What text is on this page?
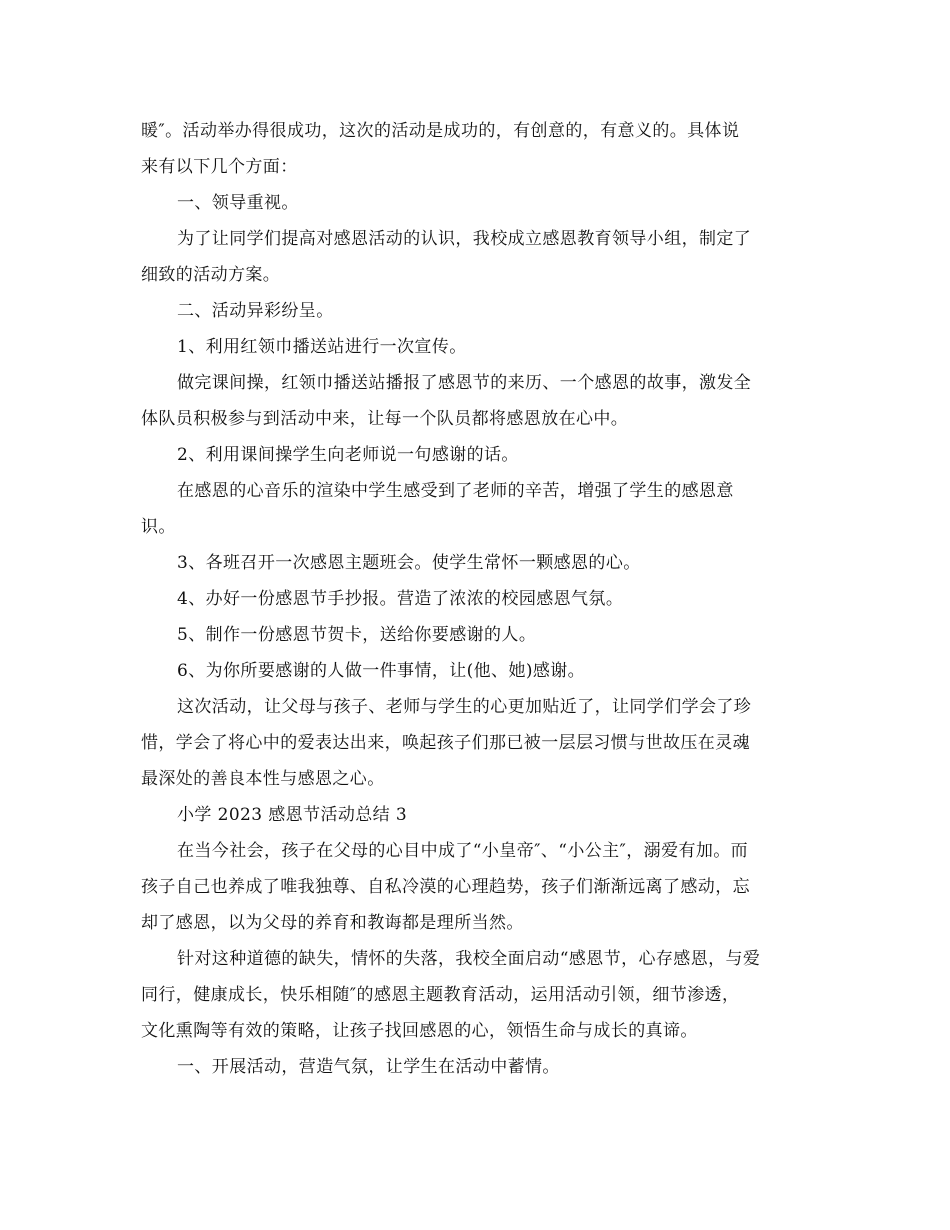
暖″。活动举办得很成功，这次的活动是成功的，有创意的，有意义的。具体说
来有以下几个方面：

一、领导重视。

为了让同学们提高对感恩活动的认识，我校成立感恩教育领导小组，制定了
细致的活动方案。

二、活动异彩纷呈。

1、利用红领巾播送站进行一次宣传。

做完课间操，红领巾播送站播报了感恩节的来历、一个感恩的故事，激发全
体队员积极参与到活动中来，让每一个队员都将感恩放在心中。

2、利用课间操学生向老师说一句感谢的话。

在感恩的心音乐的渲染中学生感受到了老师的辛苦，增强了学生的感恩意
识。

3、各班召开一次感恩主题班会。使学生常怀一颗感恩的心。

4、办好一份感恩节手抄报。营造了浓浓的校园感恩气氛。

5、制作一份感恩节贺卡，送给你要感谢的人。

6、为你所要感谢的人做一件事情，让(他、她)感谢。

这次活动，让父母与孩子、老师与学生的心更加贴近了，让同学们学会了珍
惜，学会了将心中的爱表达出来，唤起孩子们那已被一层层习惯与世故压在灵魂
最深处的善良本性与感恩之心。

小学 2023 感恩节活动总结 3

在当今社会，孩子在父母的心目中成了“小皇帝″、“小公主″，溺爱有加。而
孩子自己也养成了唯我独尊、自私冷漠的心理趋势，孩子们渐渐远离了感动，忘
却了感恩，以为父母的养育和教诲都是理所当然。

针对这种道德的缺失，情怀的失落，我校全面启动“感恩节，心存感恩，与爱
同行，健康成长，快乐相随″的感恩主题教育活动，运用活动引领，细节渗透，
文化熏陶等有效的策略，让孩子找回感恩的心，领悟生命与成长的真谛。

一、开展活动，营造气氛，让学生在活动中蓄情。
